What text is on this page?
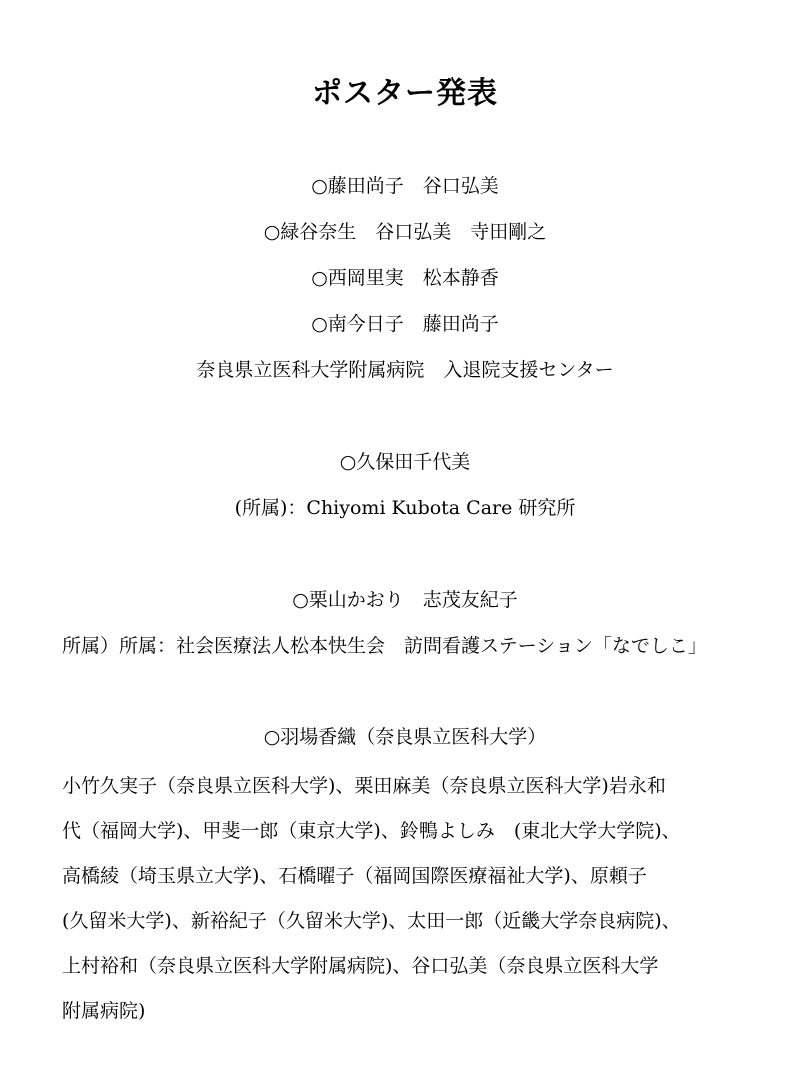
ポスター発表
○藤田尚子　谷口弘美
○緑谷奈生　谷口弘美　寺田剛之
○西岡里実　松本静香
○南今日子　藤田尚子
奈良県立医科大学附属病院　入退院支援センター
○久保田千代美
(所属)：Chiyomi Kubota Care 研究所
○栗山かおり　志茂友紀子
所属）所属：社会医療法人松本快生会　訪問看護ステーション「なでしこ」
○羽場香織（奈良県立医科大学）
小竹久実子（奈良県立医科大学)、栗田麻美（奈良県立医科大学)岩永和
代（福岡大学)、甲斐一郎（東京大学)、鈴鴨よしみ　(東北大学大学院)、
高橋綾（埼玉県立大学)、石橋曜子（福岡国際医療福祉大学)、原頼子
(久留米大学)、新裕紀子（久留米大学)、太田一郎（近畿大学奈良病院)、
上村裕和（奈良県立医科大学附属病院)、谷口弘美（奈良県立医科大学
附属病院)
